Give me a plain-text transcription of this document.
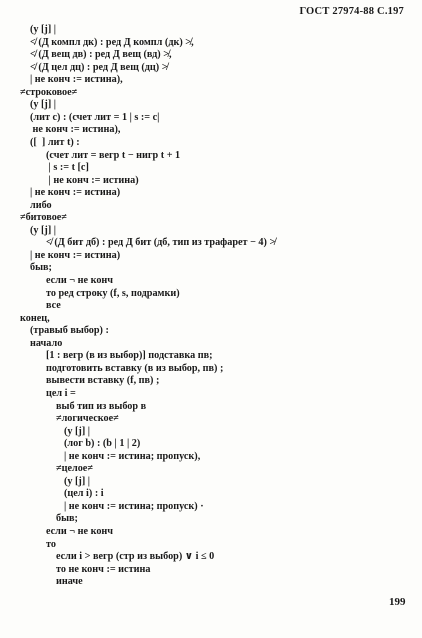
ГОСТ 27974-88 С.197
(у [j] |
≮ (Д компл дк) : ред Д компл (дк) ≯,
≮ (Д вещ дв) : ред Д вещ (вд) ≯,
≮ (Д цел дц) : ред Д вещ (дц) ≯
| не конч := истина),
≠строковое≠
(у [j] |
(лит с) : (счет лит = 1 | s := c|
не конч := истина),
([  ] лит t) :
(счет лит = вегр t − нигр t + 1
| s := t [c]
| не конч := истина)
| не конч := истина)
либо
≠битовое≠
(у [j] |
≮ (Д бит дб) : ред Д бит (дб, тип из трафарет − 4) ≯
| не конч := истина)
быв;
если ¬ не конч
то ред строку (f, s, подрамки)
все
конец,
(травыб выбор) :
начало
[1 : вегр (в из выбор)] подставка пв;
подготовить вставку (в из выбор, пв) ;
вывести вставку (f, пв) ;
цел i =
выб тип из выбор в
≠логическое≠
(у [j] |
(лог b) : (b | 1 | 2)
| не конч := истина; пропуск),
≠целое≠
(у [j] |
(цел i) : i
| не конч := истина; пропуск) ·
быв;
если ¬ не конч
то
если i > вегр (стр из выбор) ∨ i ≤ 0
то не конч := истина
иначе
199
